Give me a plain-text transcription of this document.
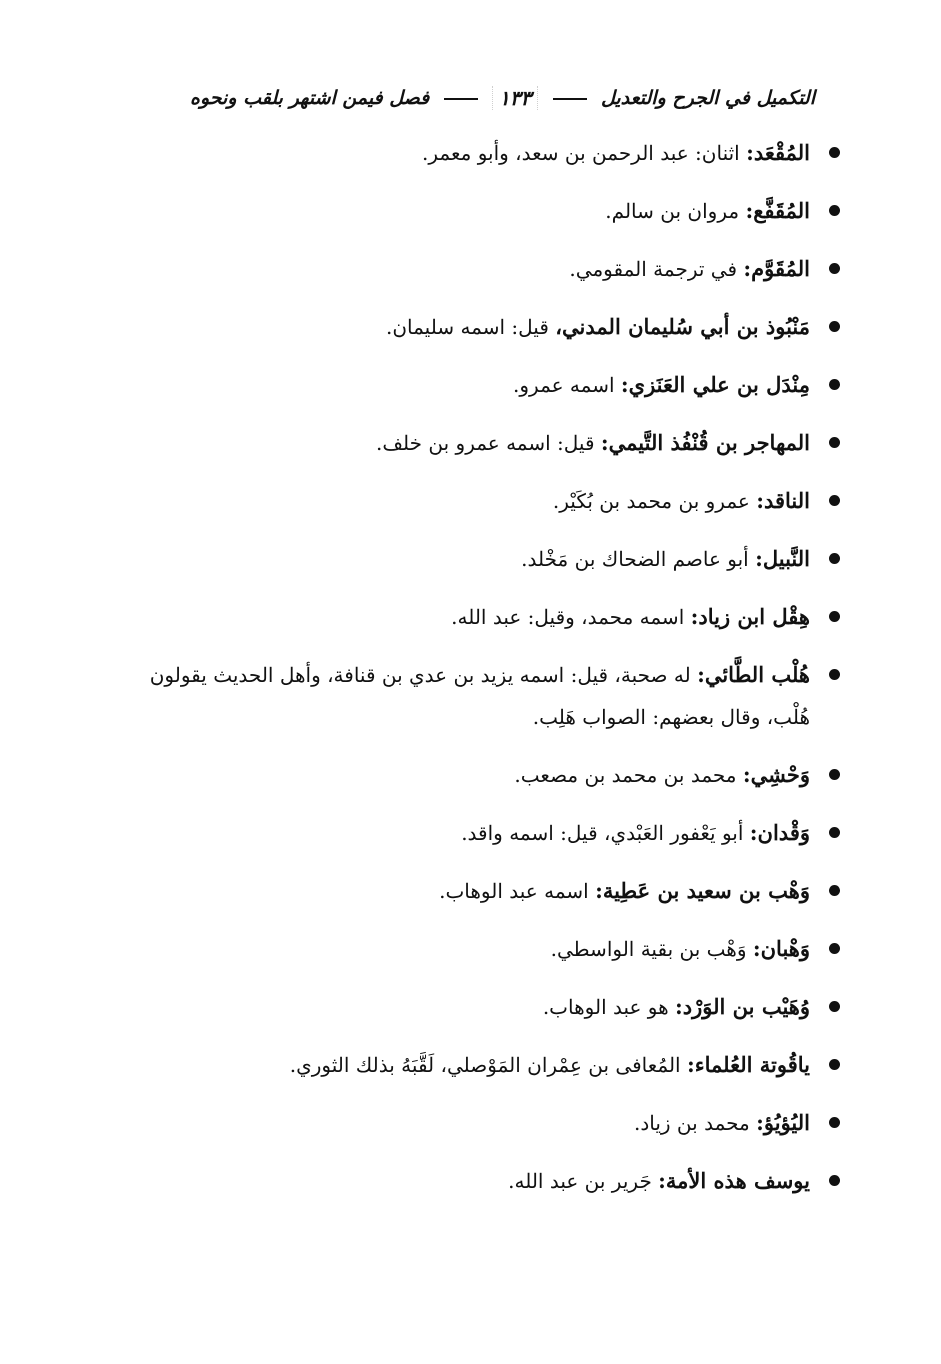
التكميل في الجرح والتعديل
١٣٣
فصل فيمن اشتهر بلقب ونحوه
المُقْعَد: اثنان: عبد الرحمن بن سعد، وأبو معمر.
المُقَفَّع: مروان بن سالم.
المُقَوَّم: في ترجمة المقومي.
مَنْبُوذ بن أبي سُليمان المدني، قيل: اسمه سليمان.
مِنْدَل بن علي العَنَزي: اسمه عمرو.
المهاجر بن قُنْفُذ التَّيمي: قيل: اسمه عمرو بن خلف.
الناقد: عمرو بن محمد بن بُكَيْر.
النَّبيل: أبو عاصم الضحاك بن مَخْلد.
هِقْل ابن زياد: اسمه محمد، وقيل: عبد الله.
هُلْب الطَّائي: له صحبة، قيل: اسمه يزيد بن عدي بن قنافة، وأهل الحديث يقولون هُلْب، وقال بعضهم: الصواب هَلِب.
وَحْشِي: محمد بن محمد بن مصعب.
وَقْدان: أبو يَعْفور العَبْدي، قيل: اسمه واقد.
وَهْب بن سعيد بن عَطِية: اسمه عبد الوهاب.
وَهْبان: وَهْب بن بقية الواسطي.
وُهَيْب بن الوَرْد: هو عبد الوهاب.
ياقُوتة العُلماء: المُعافى بن عِمْران المَوْصلي، لَقَّبَهُ بذلك الثوري.
اليُؤيُؤ: محمد بن زياد.
يوسف هذه الأمة: جَرير بن عبد الله.
